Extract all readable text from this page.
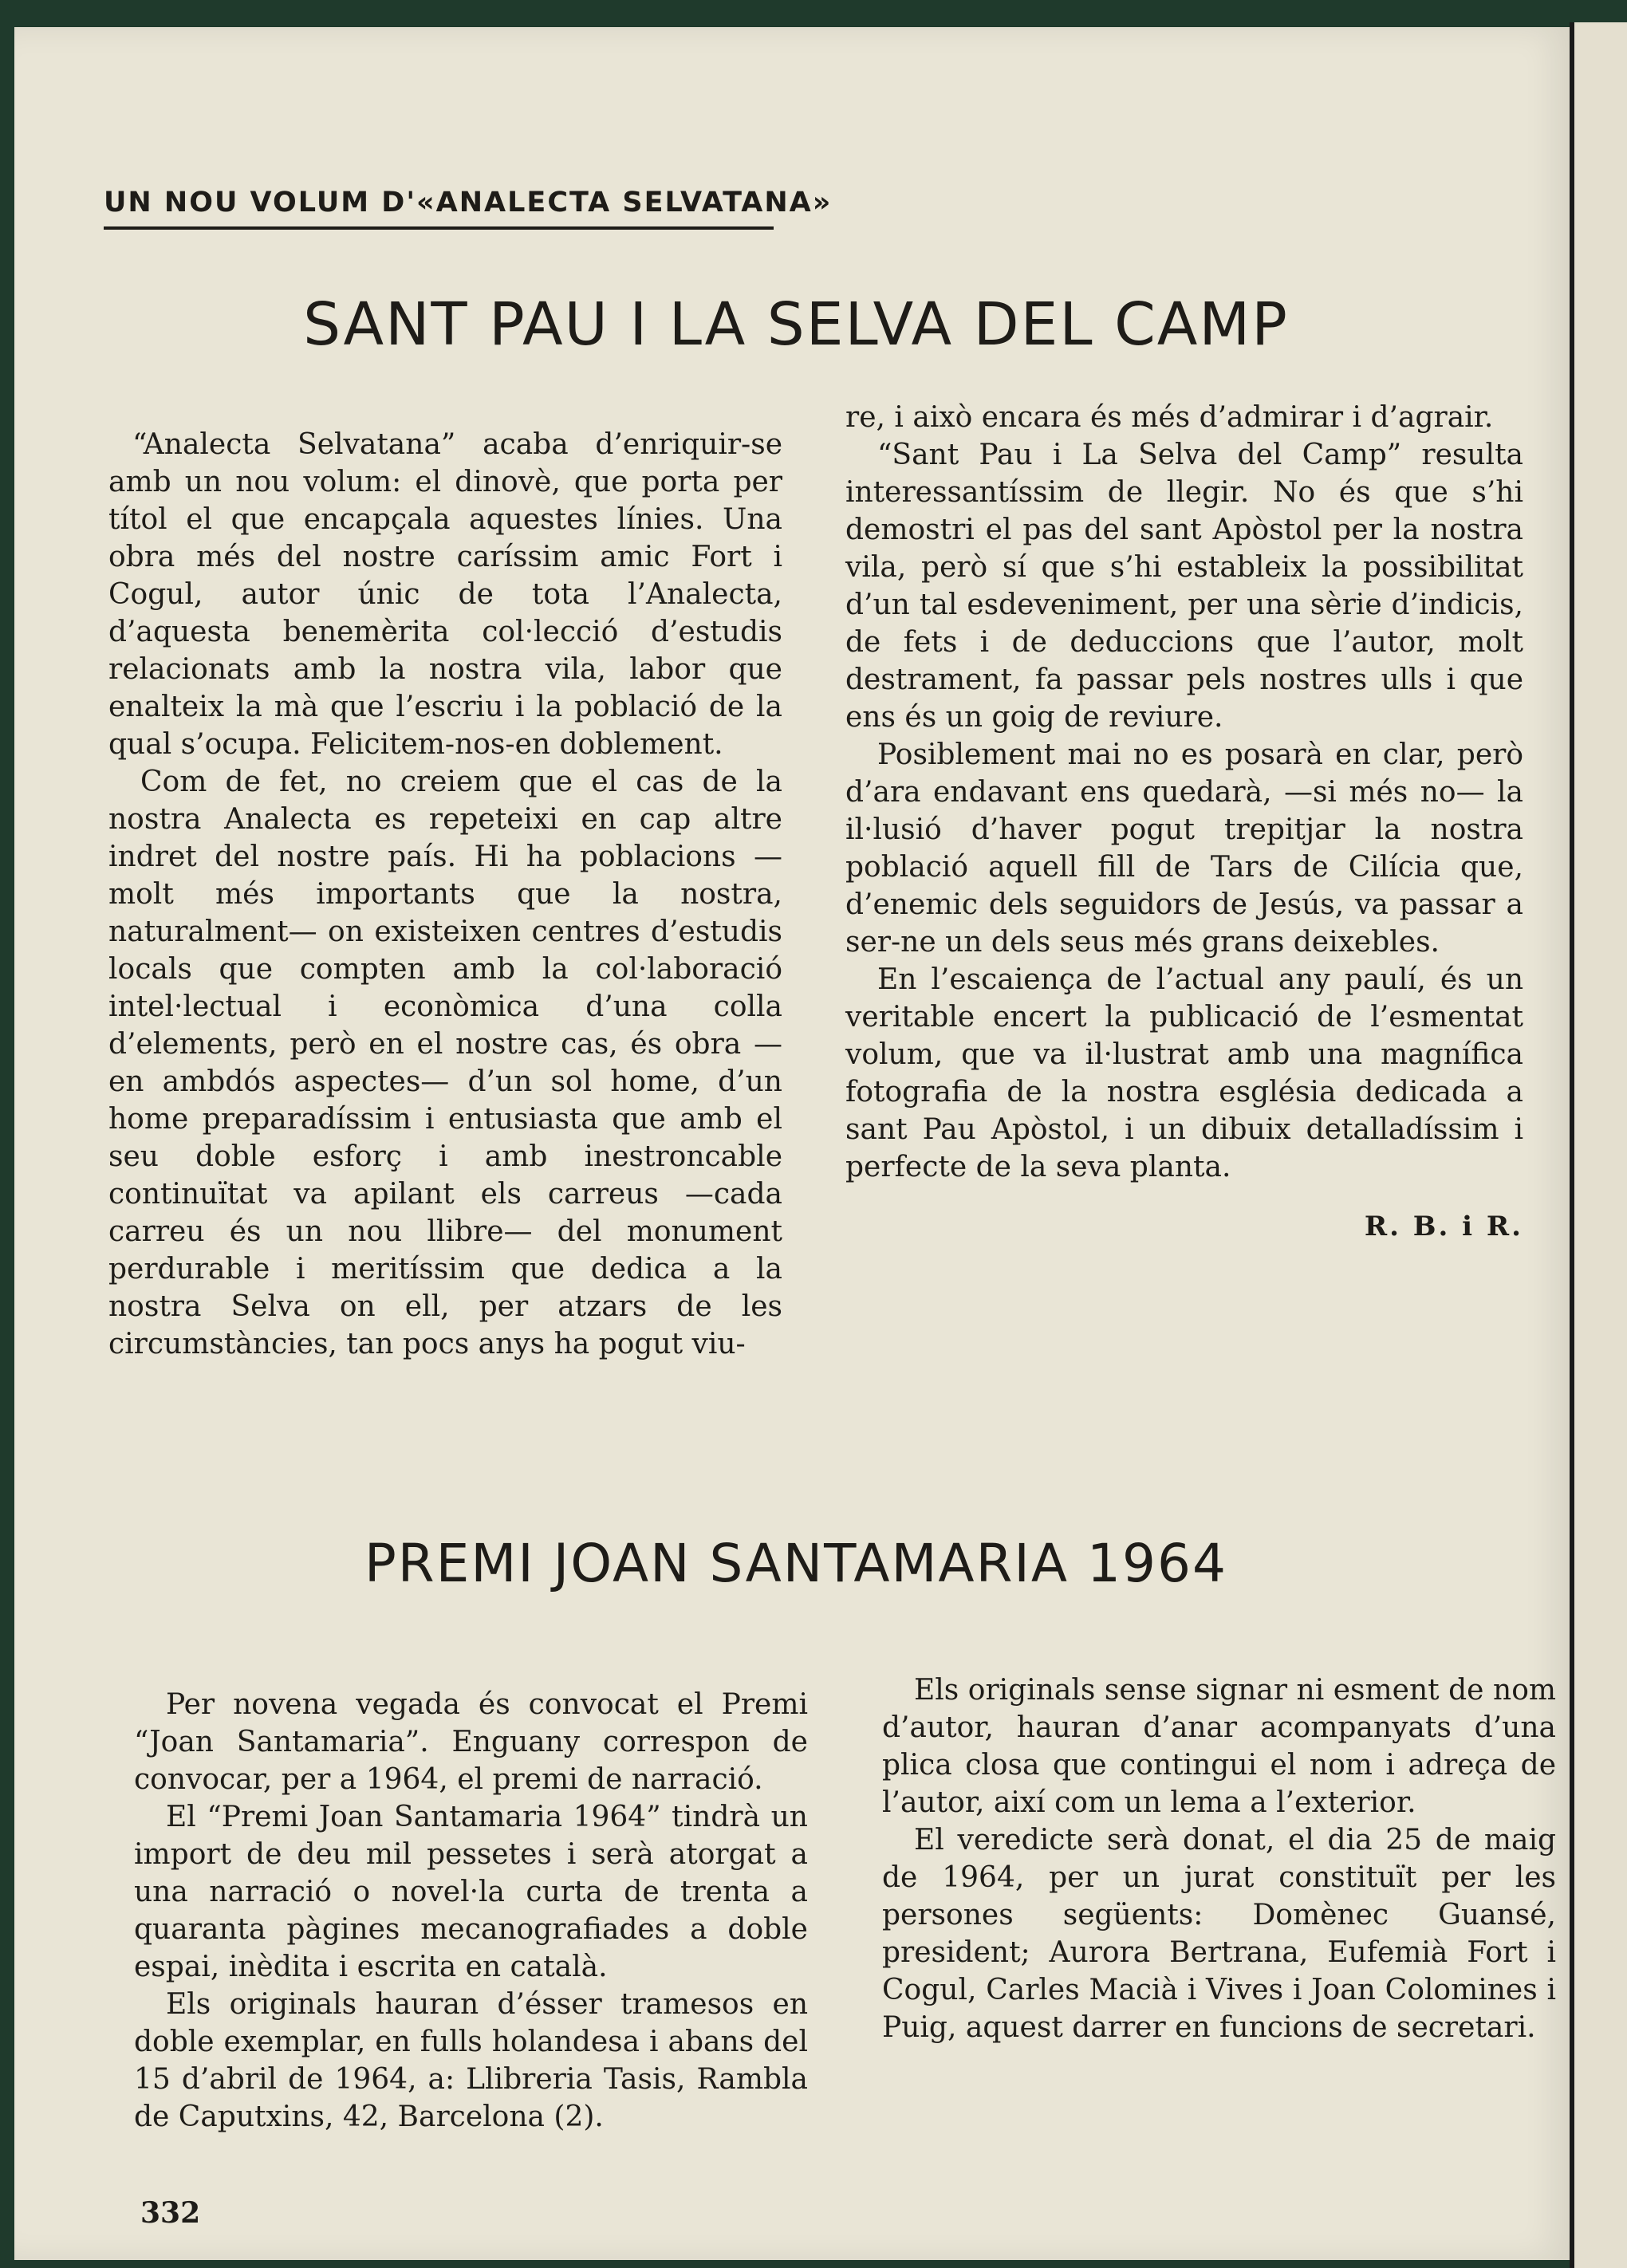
UN NOU VOLUM D'«ANALECTA SELVATANA»

SANT PAU I LA SELVA DEL CAMP

“Analecta Selvatana” acaba d’enriquir-se amb un nou volum: el dinovè, que porta per títol el que encapçala aquestes línies. Una obra més del nostre caríssim amic Fort i Cogul, autor únic de tota l’Analecta, d’aquesta benemèrita col·lecció d’estudis relacionats amb la nostra vila, labor que enalteix la mà que l’escriu i la població de la qual s’ocupa. Felicitem-nos-en doblement.

Com de fet, no creiem que el cas de la nostra Analecta es repeteixi en cap altre indret del nostre país. Hi ha poblacions —molt més importants que la nostra, naturalment— on existeixen centres d’estudis locals que compten amb la col·laboració intel·lectual i econòmica d’una colla d’elements, però en el nostre cas, és obra —en ambdós aspectes— d’un sol home, d’un home preparadíssim i entusiasta que amb el seu doble esforç i amb inestroncable continuïtat va apilant els carreus —cada carreu és un nou llibre— del monument perdurable i meritíssim que dedica a la nostra Selva on ell, per atzars de les circumstàncies, tan pocs anys ha pogut viu-

re, i això encara és més d’admirar i d’agrair.

“Sant Pau i La Selva del Camp” resulta interessantíssim de llegir. No és que s’hi demostri el pas del sant Apòstol per la nostra vila, però sí que s’hi estableix la possibilitat d’un tal esdeveniment, per una sèrie d’indicis, de fets i de deduccions que l’autor, molt destrament, fa passar pels nostres ulls i que ens és un goig de reviure.

Posiblement mai no es posarà en clar, però d’ara endavant ens quedarà, —si més no— la il·lusió d’haver pogut trepitjar la nostra població aquell fill de Tars de Cilícia que, d’enemic dels seguidors de Jesús, va passar a ser-ne un dels seus més grans deixebles.

En l’escaiença de l’actual any paulí, és un veritable encert la publicació de l’esmentat volum, que va il·lustrat amb una magnífica fotografia de la nostra església dedicada a sant Pau Apòstol, i un dibuix detalladíssim i perfecte de la seva planta.

R. B. i R.

PREMI JOAN SANTAMARIA 1964

Per novena vegada és convocat el Premi “Joan Santamaria”. Enguany correspon de convocar, per a 1964, el premi de narració.

El “Premi Joan Santamaria 1964” tindrà un import de deu mil pessetes i serà atorgat a una narració o novel·la curta de trenta a quaranta pàgines mecanografiades a doble espai, inèdita i escrita en català.

Els originals hauran d’ésser tramesos en doble exemplar, en fulls holandesa i abans del 15 d’abril de 1964, a: Llibreria Tasis, Rambla de Caputxins, 42, Barcelona (2).

Els originals sense signar ni esment de nom d’autor, hauran d’anar acompanyats d’una plica closa que contingui el nom i adreça de l’autor, així com un lema a l’exterior.

El veredicte serà donat, el dia 25 de maig de 1964, per un jurat constituït per les persones següents: Domènec Guansé, president; Aurora Bertrana, Eufemià Fort i Cogul, Carles Macià i Vives i Joan Colomines i Puig, aquest darrer en funcions de secretari.

332
